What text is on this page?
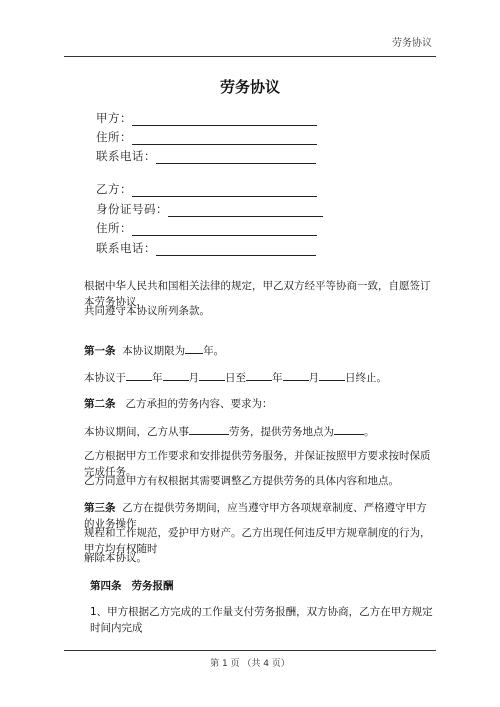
劳务协议
劳务协议
甲方：
住所：
联系电话：
乙方：
身份证号码：
住所：
联系电话：
根据中华人民共和国相关法律的规定，甲乙双方经平等协商一致，自愿签订本劳务协议，
共同遵守本协议所列条款。
第一条 本协议期限为 年。
本协议于 年 月 日至 年 月 日终止。
第二条 乙方承担的劳务内容、要求为：
本协议期间，乙方从事	劳务，提供劳务地点为	。
乙方根据甲方工作要求和安排提供劳务服务，并保证按照甲方要求按时保质完成任务。
乙方同意甲方有权根据其需要调整乙方提供劳务的具体内容和地点。
第三条 乙方在提供劳务期间，应当遵守甲方各项规章制度、严格遵守甲方的业务操作
规程和工作规范，爱护甲方财产。乙方出现任何违反甲方规章制度的行为，甲方均有权随时
解除本协议。
第四条 劳务报酬
1、甲方根据乙方完成的工作量支付劳务报酬，双方协商，乙方在甲方规定时间内完成
第 1 页 （共 4 页）
